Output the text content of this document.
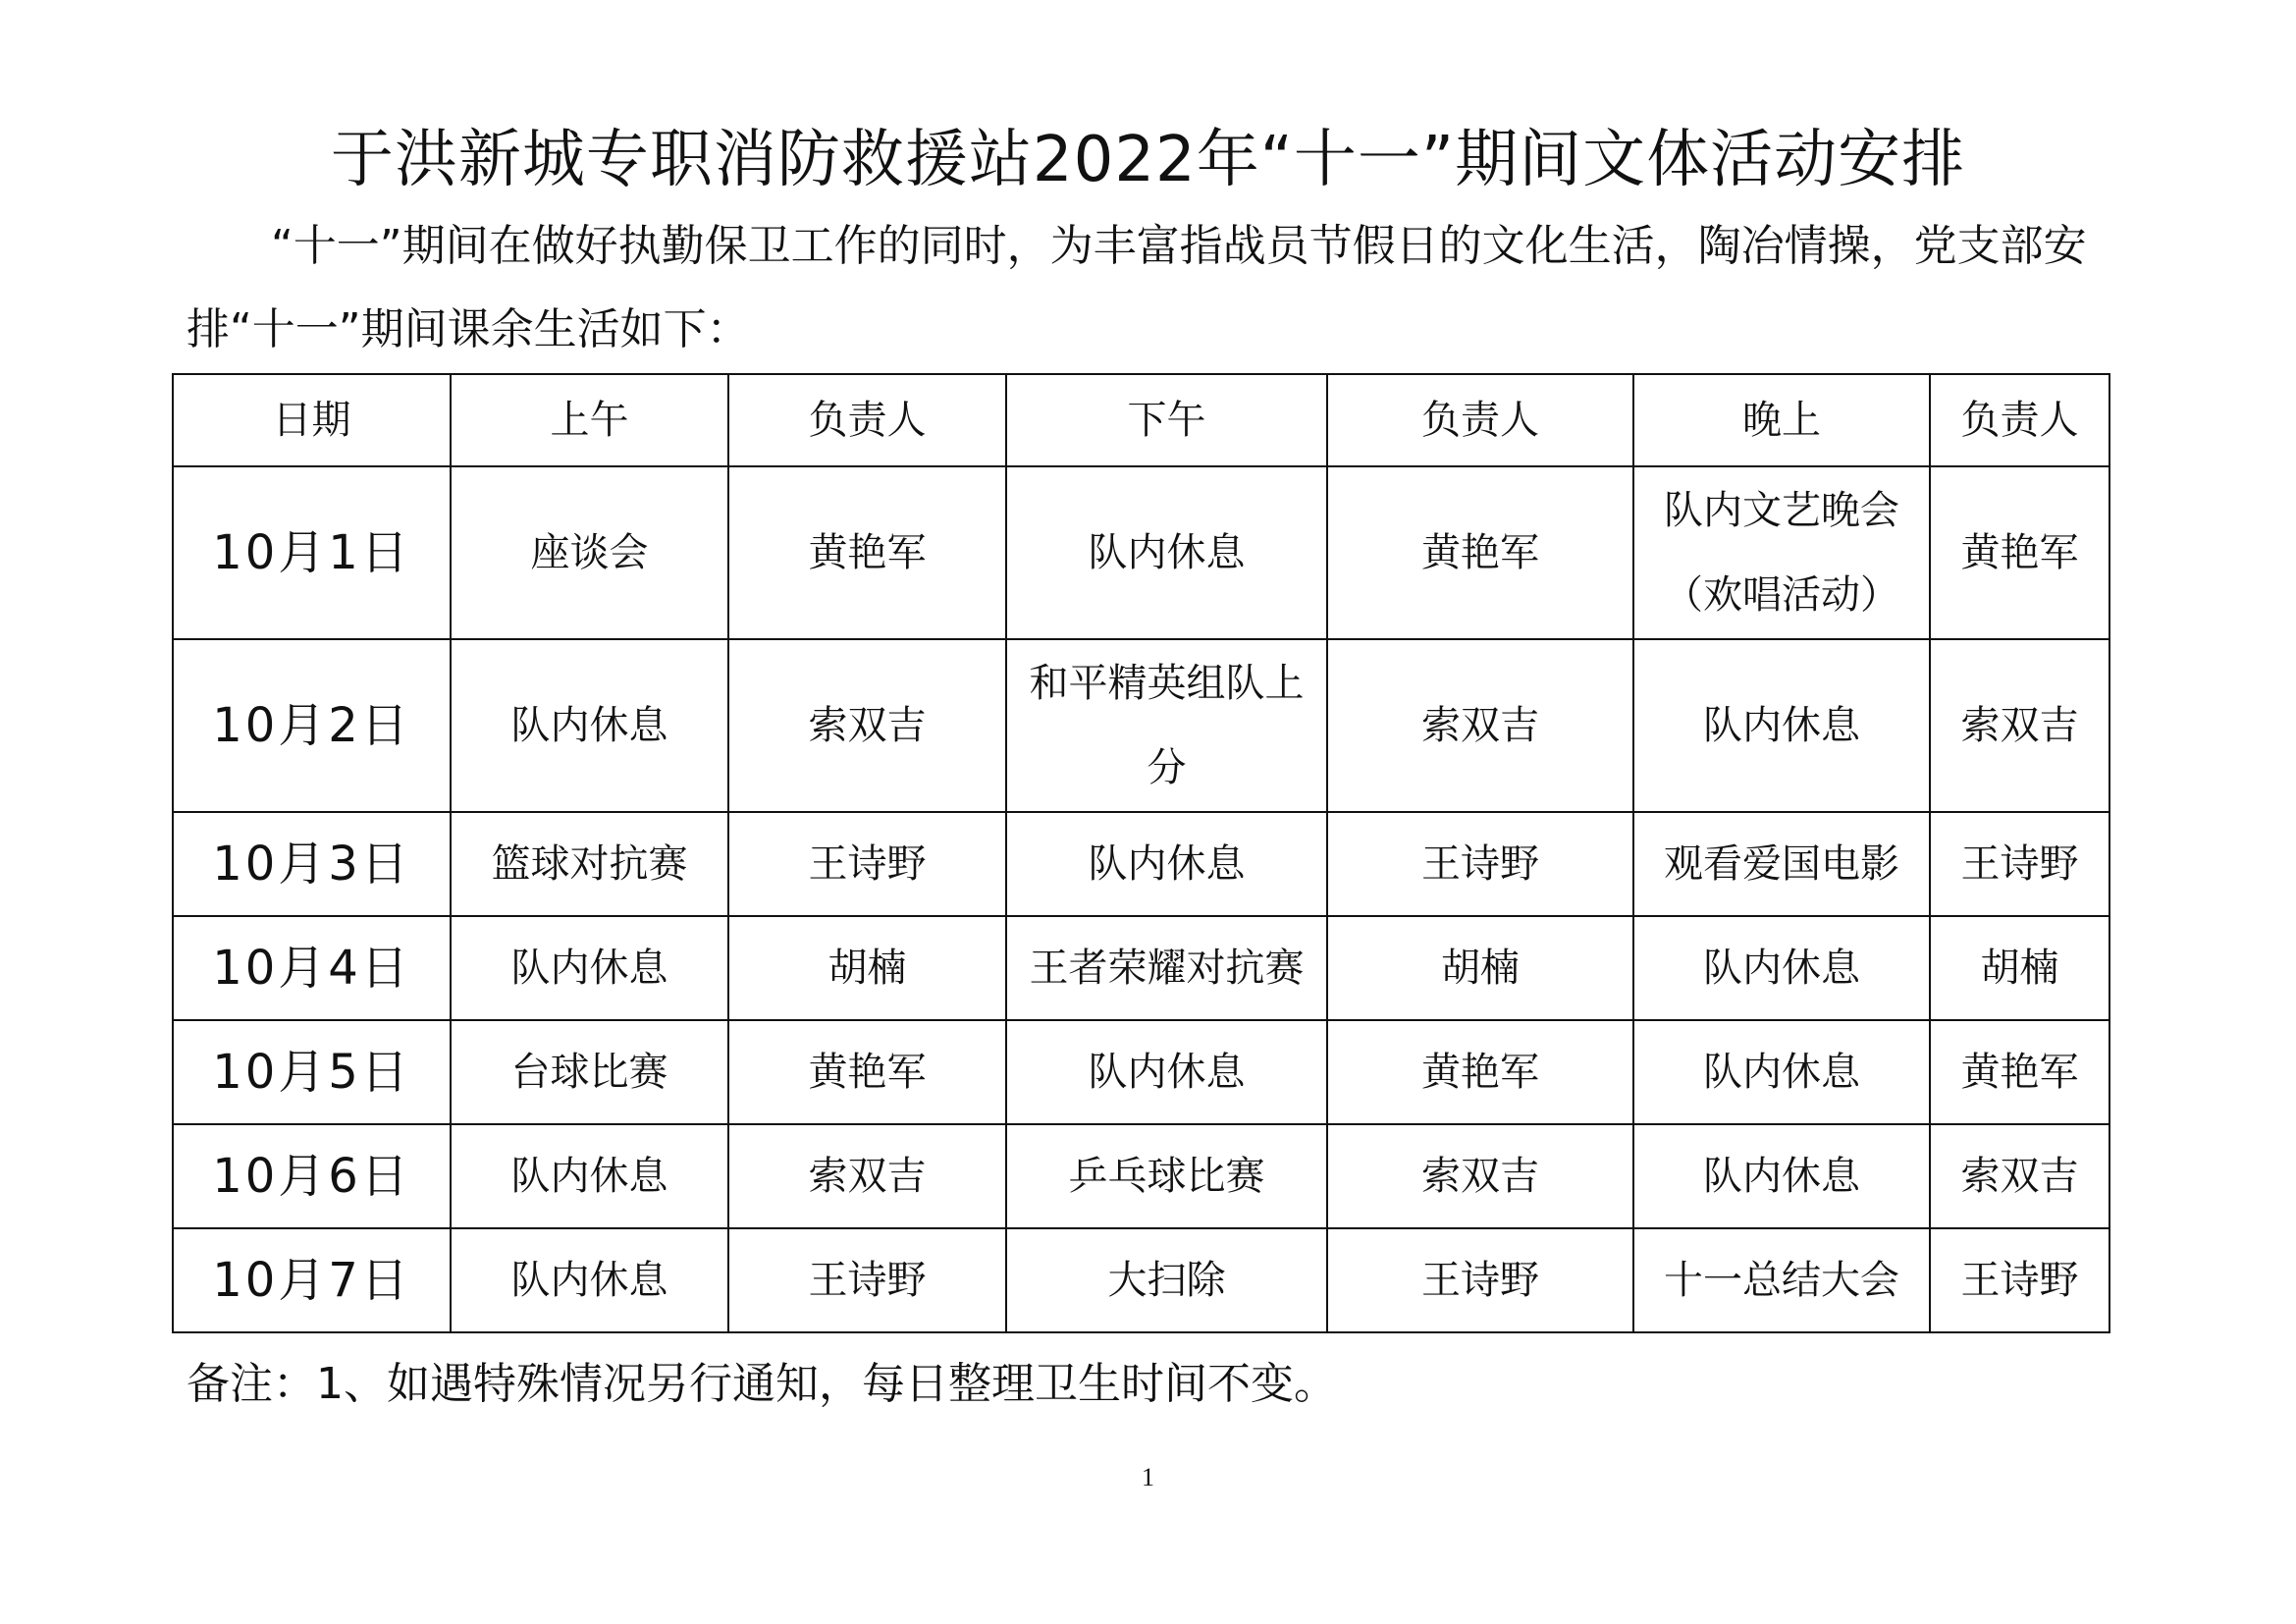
于洪新城专职消防救援站2022年“十一”期间文体活动安排
“十一”期间在做好执勤保卫工作的同时，为丰富指战员节假日的文化生活，陶冶情操，党支部安排“十一”期间课余生活如下：
日期	上午	负责人	下午	负责人	晚上	负责人
10月1日	座谈会	黄艳军	队内休息	黄艳军	队内文艺晚会（欢唱活动）	黄艳军
10月2日	队内休息	索双吉	和平精英组队上分	索双吉	队内休息	索双吉
10月3日	篮球对抗赛	王诗野	队内休息	王诗野	观看爱国电影	王诗野
10月4日	队内休息	胡楠	王者荣耀对抗赛	胡楠	队内休息	胡楠
10月5日	台球比赛	黄艳军	队内休息	黄艳军	队内休息	黄艳军
10月6日	队内休息	索双吉	乒乓球比赛	索双吉	队内休息	索双吉
10月7日	队内休息	王诗野	大扫除	王诗野	十一总结大会	王诗野
备注：1、如遇特殊情况另行通知，每日整理卫生时间不变。
1
